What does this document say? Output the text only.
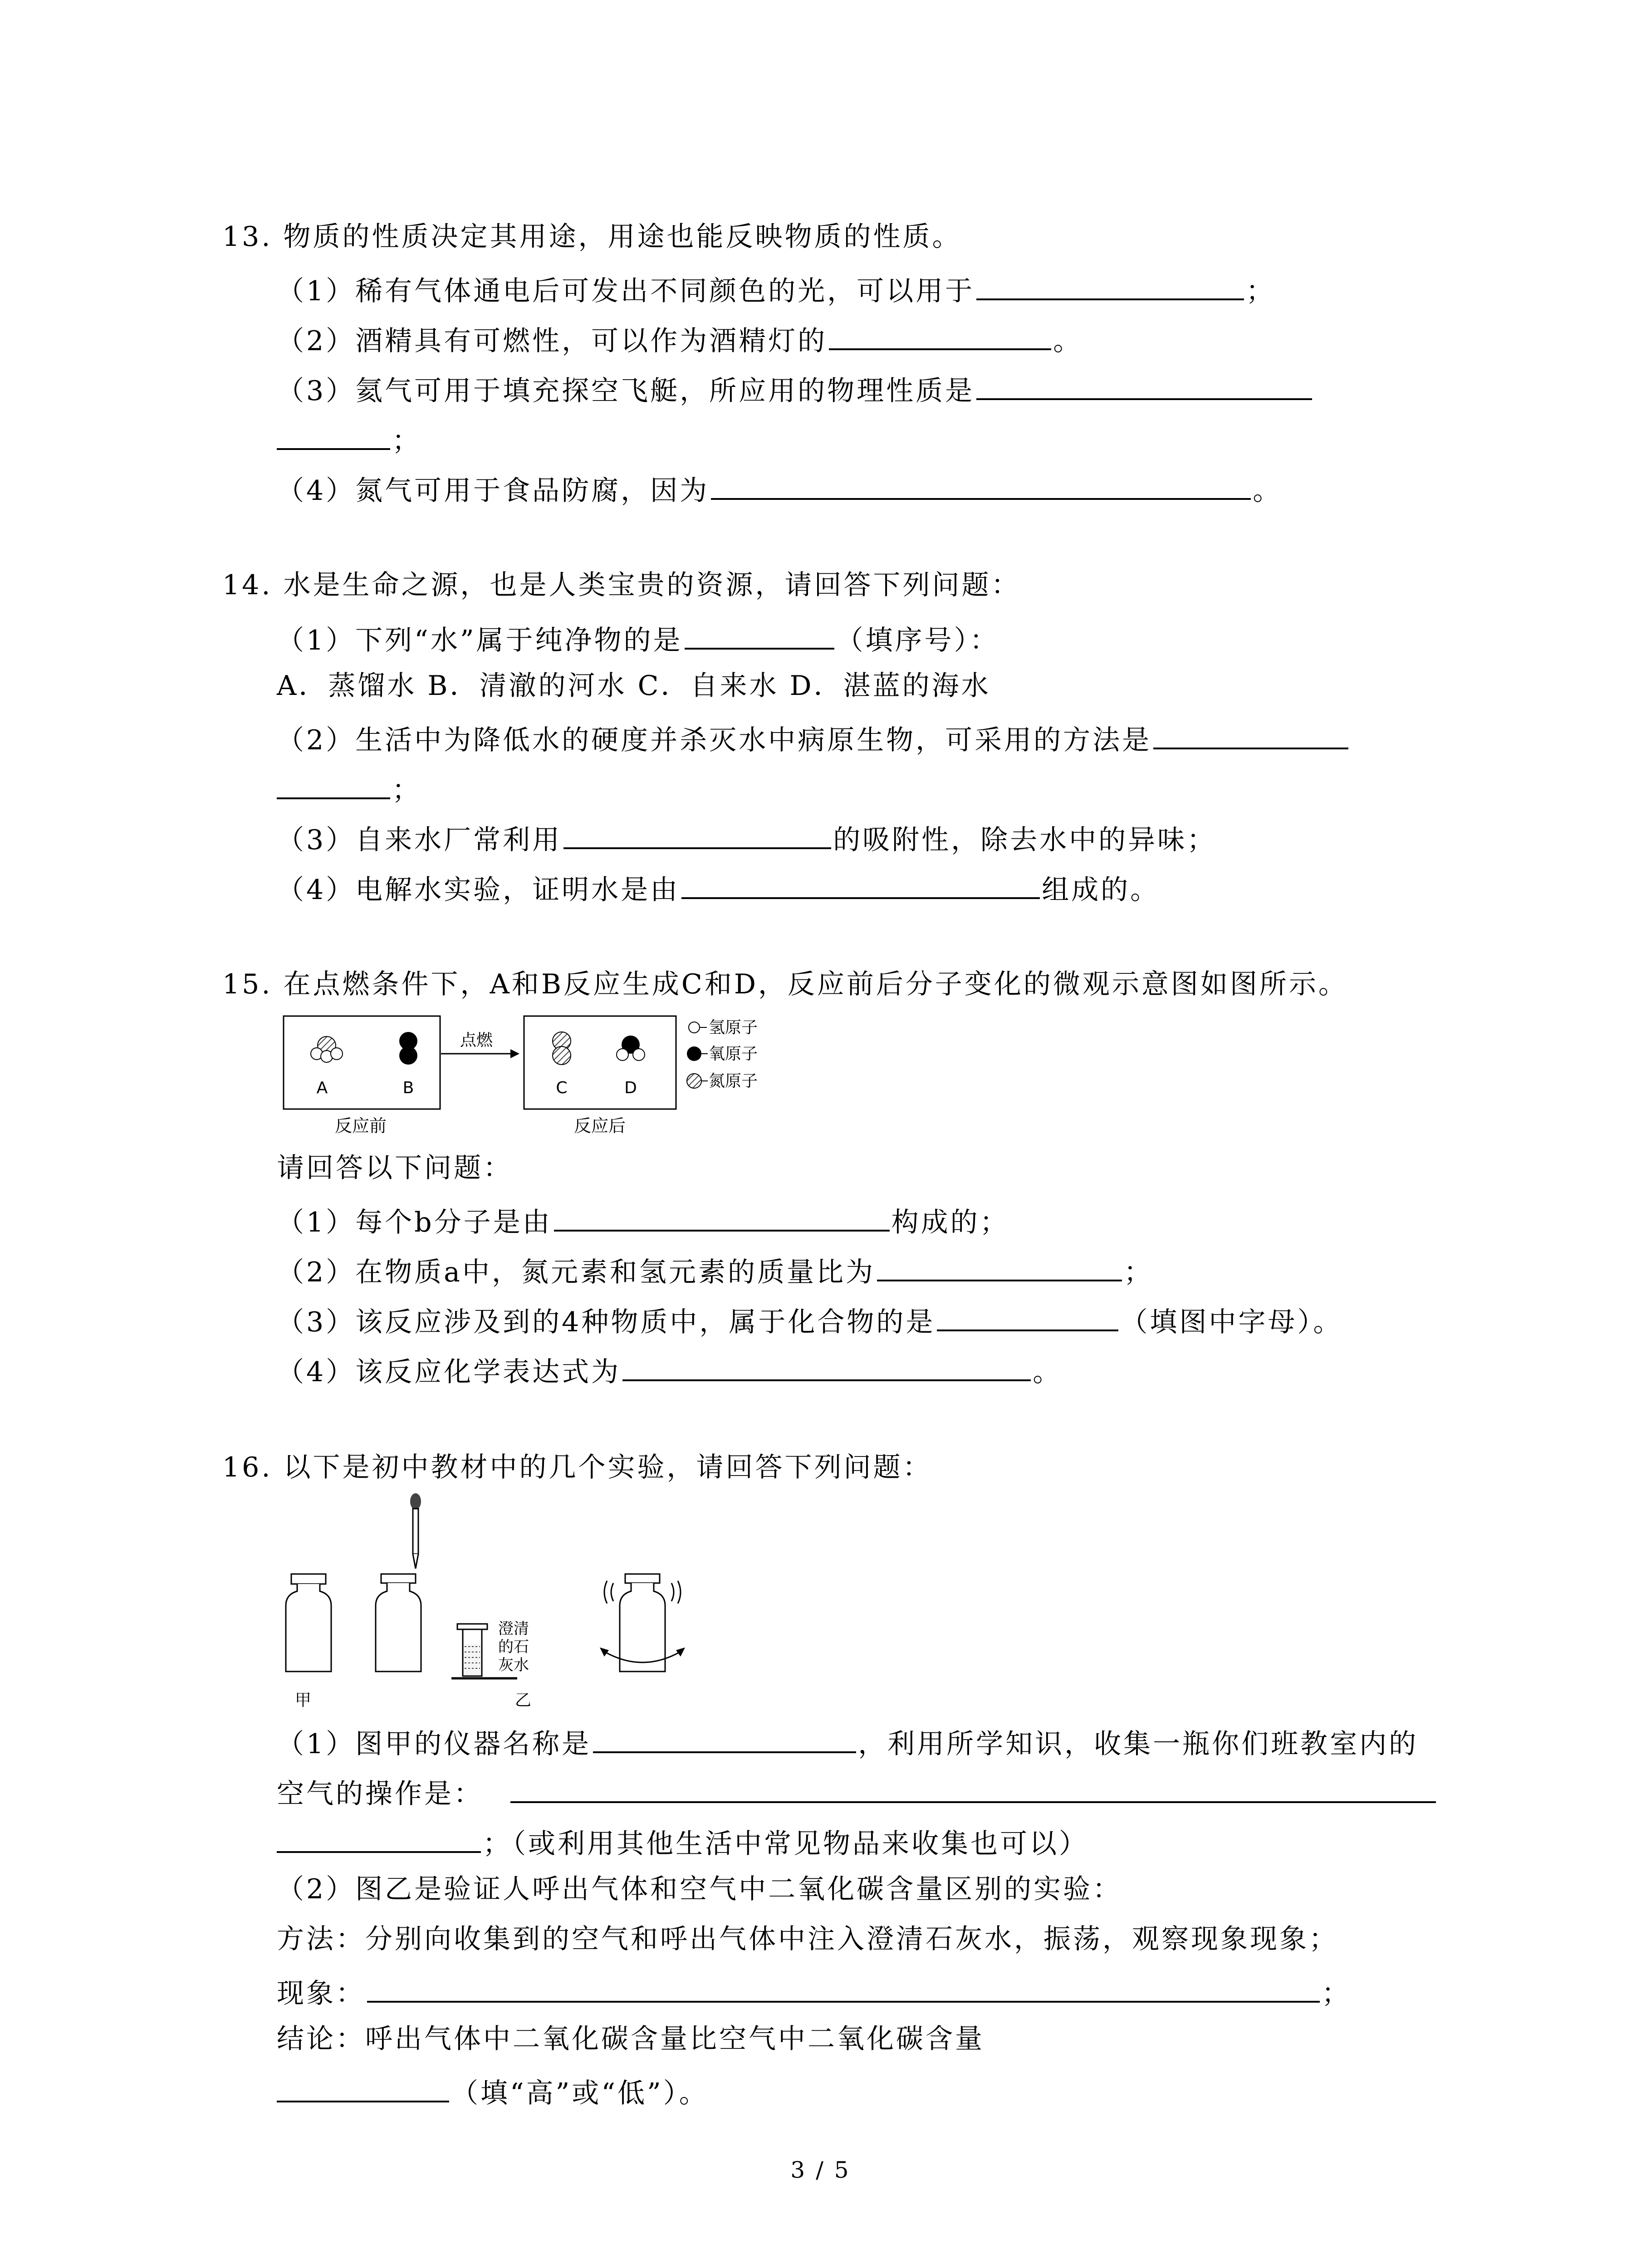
13. 物质的性质决定其用途，用途也能反映物质的性质。
（1）稀有气体通电后可发出不同颜色的光，可以用于	；
（2）酒精具有可燃性，可以作为酒精灯的	。
（3）氦气可用于填充探空飞艇，所应用的物理性质是
；
（4）氮气可用于食品防腐，因为	。
14. 水是生命之源，也是人类宝贵的资源，请回答下列问题：
（1）下列“水”属于纯净物的是	（填序号）：
A．蒸馏水 B．清澈的河水 C．自来水 D．湛蓝的海水
（2）生活中为降低水的硬度并杀灭水中病原生物，可采用的方法是
；
（3）自来水厂常利用	的吸附性，除去水中的异味；
（4）电解水实验，证明水是由	组成的。
15. 在点燃条件下，A和B反应生成C和D，反应前后分子变化的微观示意图如图所示。
A	B
反应前
点燃
C	D
反应后
氢原子
氧原子
氮原子
请回答以下问题：
（1）每个b分子是由	构成的；
（2）在物质a中，氮元素和氢元素的质量比为	；
（3）该反应涉及到的4种物质中，属于化合物的是	（填图中字母）。
（4）该反应化学表达式为	。
16. 以下是初中教材中的几个实验，请回答下列问题：
甲
澄清
的石
灰水
乙
（1）图甲的仪器名称是	，利用所学知识，收集一瓶你们班教室内的
空气的操作是：
；（或利用其他生活中常见物品来收集也可以）
（2）图乙是验证人呼出气体和空气中二氧化碳含量区别的实验：
方法：分别向收集到的空气和呼出气体中注入澄清石灰水，振荡，观察现象现象；
现象：	；
结论：呼出气体中二氧化碳含量比空气中二氧化碳含量
（填“高”或“低”）。
3 / 5
